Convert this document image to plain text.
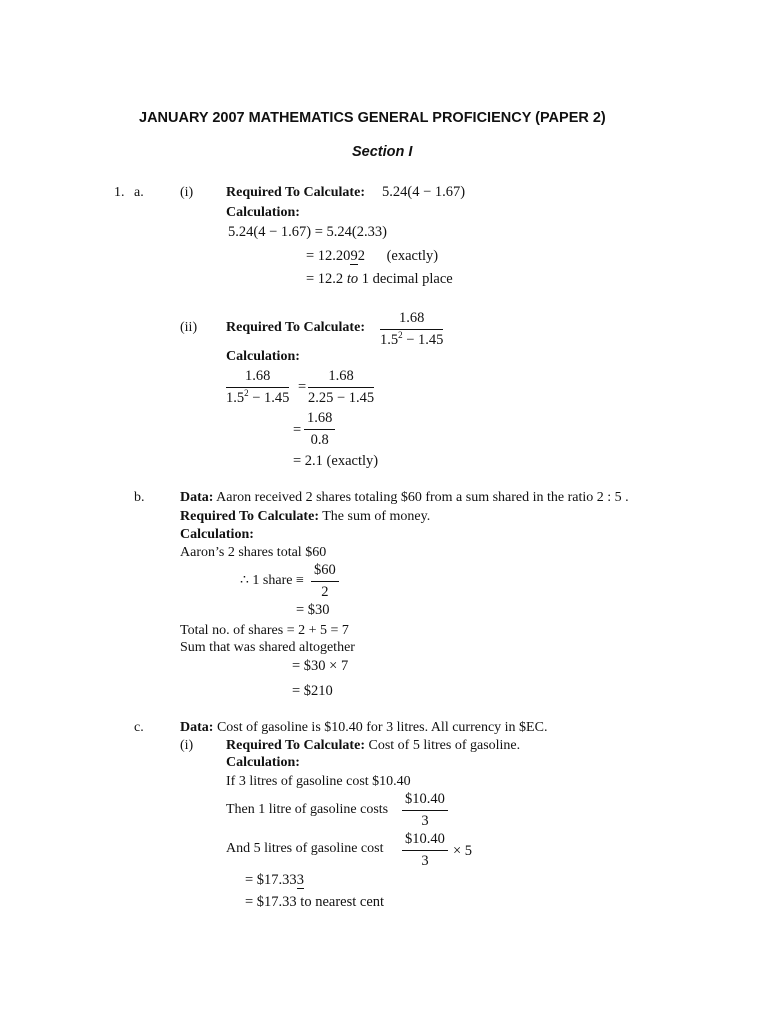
JANUARY 2007 MATHEMATICS GENERAL PROFICIENCY (PAPER 2)
Section I
1. a.	(i) Required To Calculate: 5.24(4 − 1.67)
Calculation:
5.24(4 − 1.67) = 5.24(2.33)
= 12.2092 (exactly)
= 12.2 to 1 decimal place
(ii) Required To Calculate: $\frac{1.68}{1.5^2 - 1.45}$
Calculation:
$\frac{1.68}{1.5^2 - 1.45} = \frac{1.68}{2.25 - 1.45}$
= $\frac{1.68}{0.8}$
= 2.1 (exactly)
b.	Data: Aaron received 2 shares totaling $60 from a sum shared in the ratio 2 : 5 .
Required To Calculate: The sum of money.
Calculation:
Aaron’s 2 shares total $60
∴ 1 share ≡ $\frac{\$60}{2}$
= $30
Total no. of shares = 2 + 5 = 7
Sum that was shared altogether
= $30 × 7
= $210
c.	Data: Cost of gasoline is $10.40 for 3 litres. All currency in $EC.
(i) Required To Calculate: Cost of 5 litres of gasoline.
Calculation:
If 3 litres of gasoline cost $10.40
Then 1 litre of gasoline costs $\frac{\$10.40}{3}$
And 5 litres of gasoline cost $\frac{\$10.40}{3} \times 5$
= $17.333
= $17.33 to nearest cent
